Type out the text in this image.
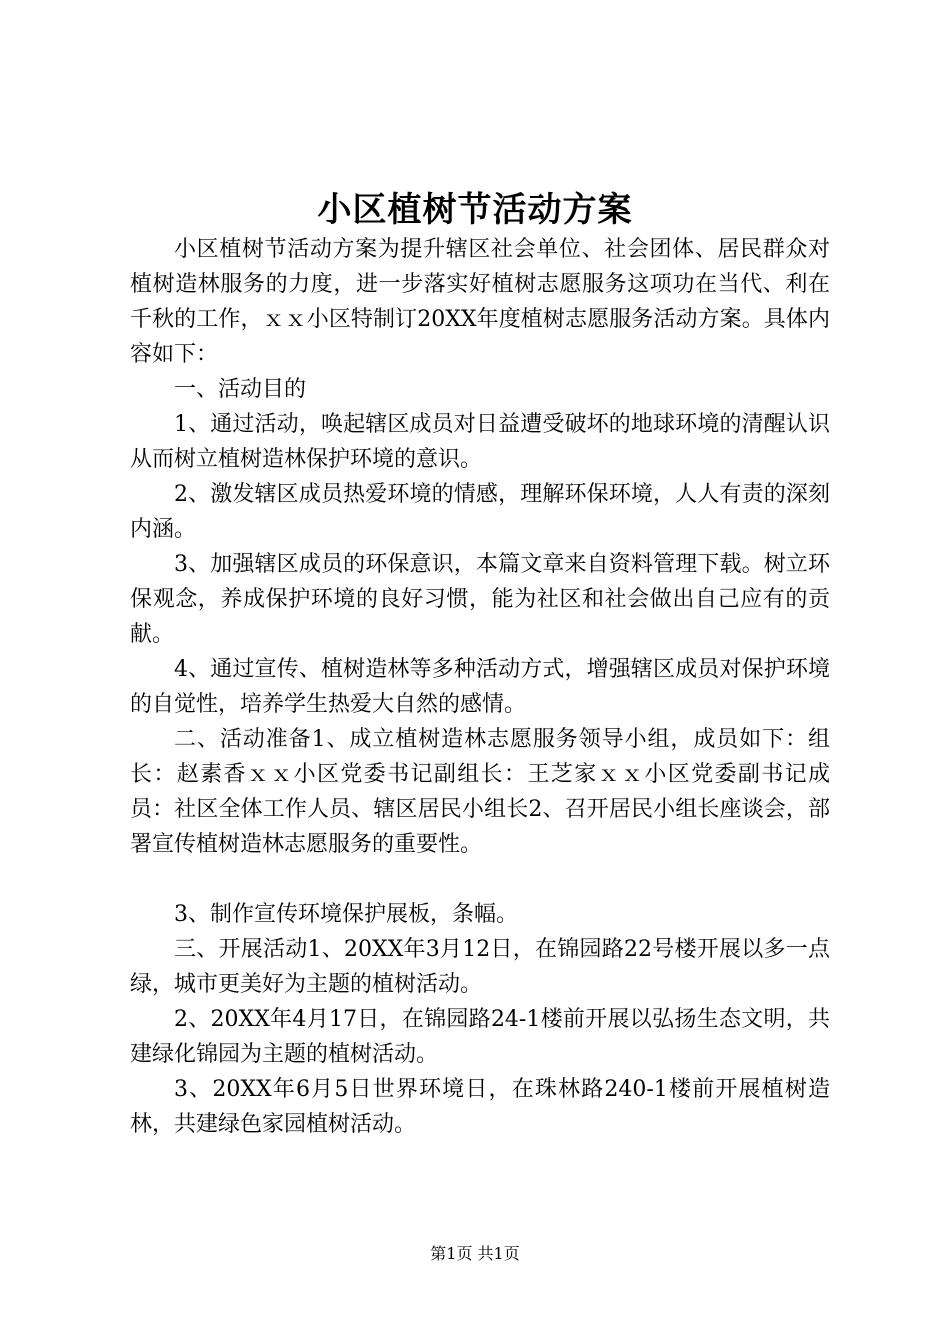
小区植树节活动方案

小区植树节活动方案为提升辖区社会单位、社会团体、居民群众对植树造林服务的力度，进一步落实好植树志愿服务这项功在当代、利在千秋的工作，ｘｘ小区特制订20XX年度植树志愿服务活动方案。具体内容如下：

一、活动目的

1、通过活动，唤起辖区成员对日益遭受破坏的地球环境的清醒认识从而树立植树造林保护环境的意识。

2、激发辖区成员热爱环境的情感，理解环保环境，人人有责的深刻内涵。

3、加强辖区成员的环保意识，本篇文章来自资料管理下载。树立环保观念，养成保护环境的良好习惯，能为社区和社会做出自己应有的贡献。

4、通过宣传、植树造林等多种活动方式，增强辖区成员对保护环境的自觉性，培养学生热爱大自然的感情。

二、活动准备1、成立植树造林志愿服务领导小组，成员如下：组长：赵素香ｘｘ小区党委书记副组长：王芝家ｘｘ小区党委副书记成员：社区全体工作人员、辖区居民小组长2、召开居民小组长座谈会，部署宣传植树造林志愿服务的重要性。

3、制作宣传环境保护展板，条幅。

三、开展活动1、20XX年3月12日，在锦园路22号楼开展以多一点绿，城市更美好为主题的植树活动。

2、20XX年4月17日，在锦园路24-1楼前开展以弘扬生态文明，共建绿化锦园为主题的植树活动。

3、20XX年6月5日世界环境日，在珠林路240-1楼前开展植树造林，共建绿色家园植树活动。

第1页 共1页
